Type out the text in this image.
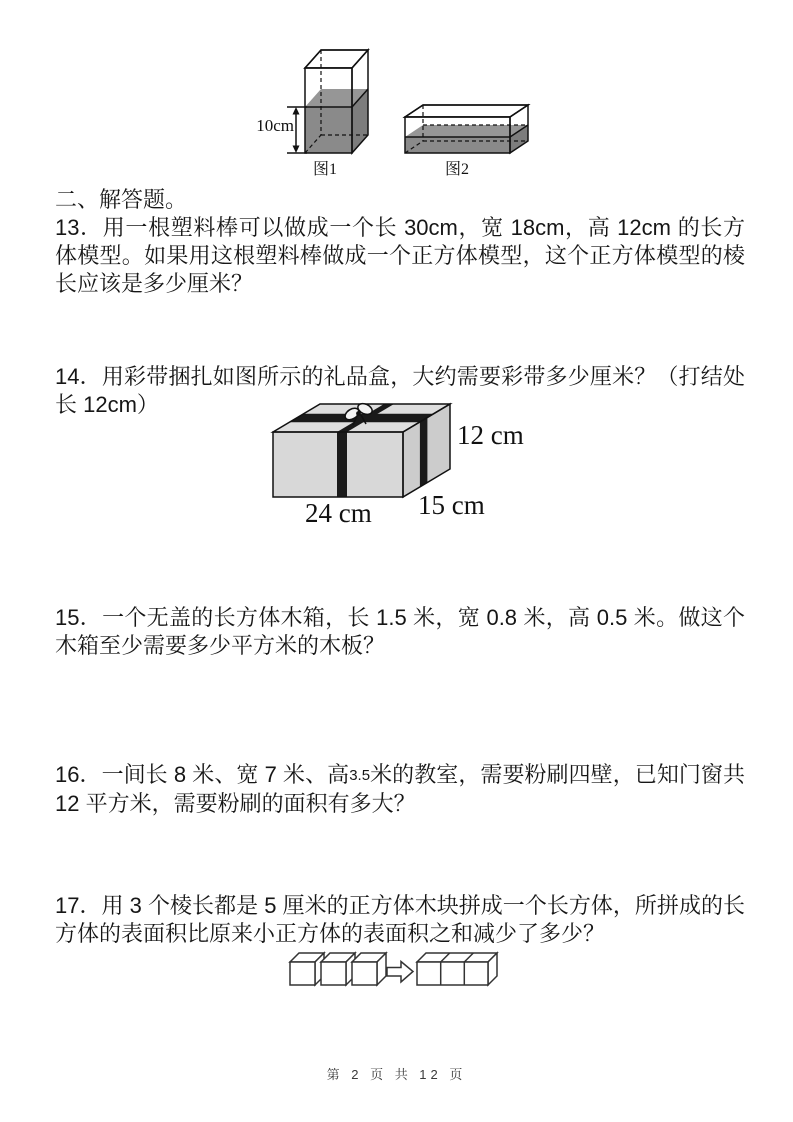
10cm
图1	图2
二、解答题。

13．用一根塑料棒可以做成一个长 30cm，宽 18cm，高 12cm 的长方体模型。如果用这根塑料棒做成一个正方体模型，这个正方体模型的棱长应该是多少厘米？

14．用彩带捆扎如图所示的礼品盒，大约需要彩带多少厘米？（打结处长 12cm）

12 cm
15 cm
24 cm

15．一个无盖的长方体木箱，长 1.5 米，宽 0.8 米，高 0.5 米。做这个木箱至少需要多少平方米的木板？

16．一间长 8 米、宽 7 米、高3.5米的教室，需要粉刷四壁，已知门窗共 12 平方米，需要粉刷的面积有多大？

17．用 3 个棱长都是 5 厘米的正方体木块拼成一个长方体，所拼成的长方体的表面积比原来小正方体的表面积之和减少了多少？

第 2 页 共 12 页
